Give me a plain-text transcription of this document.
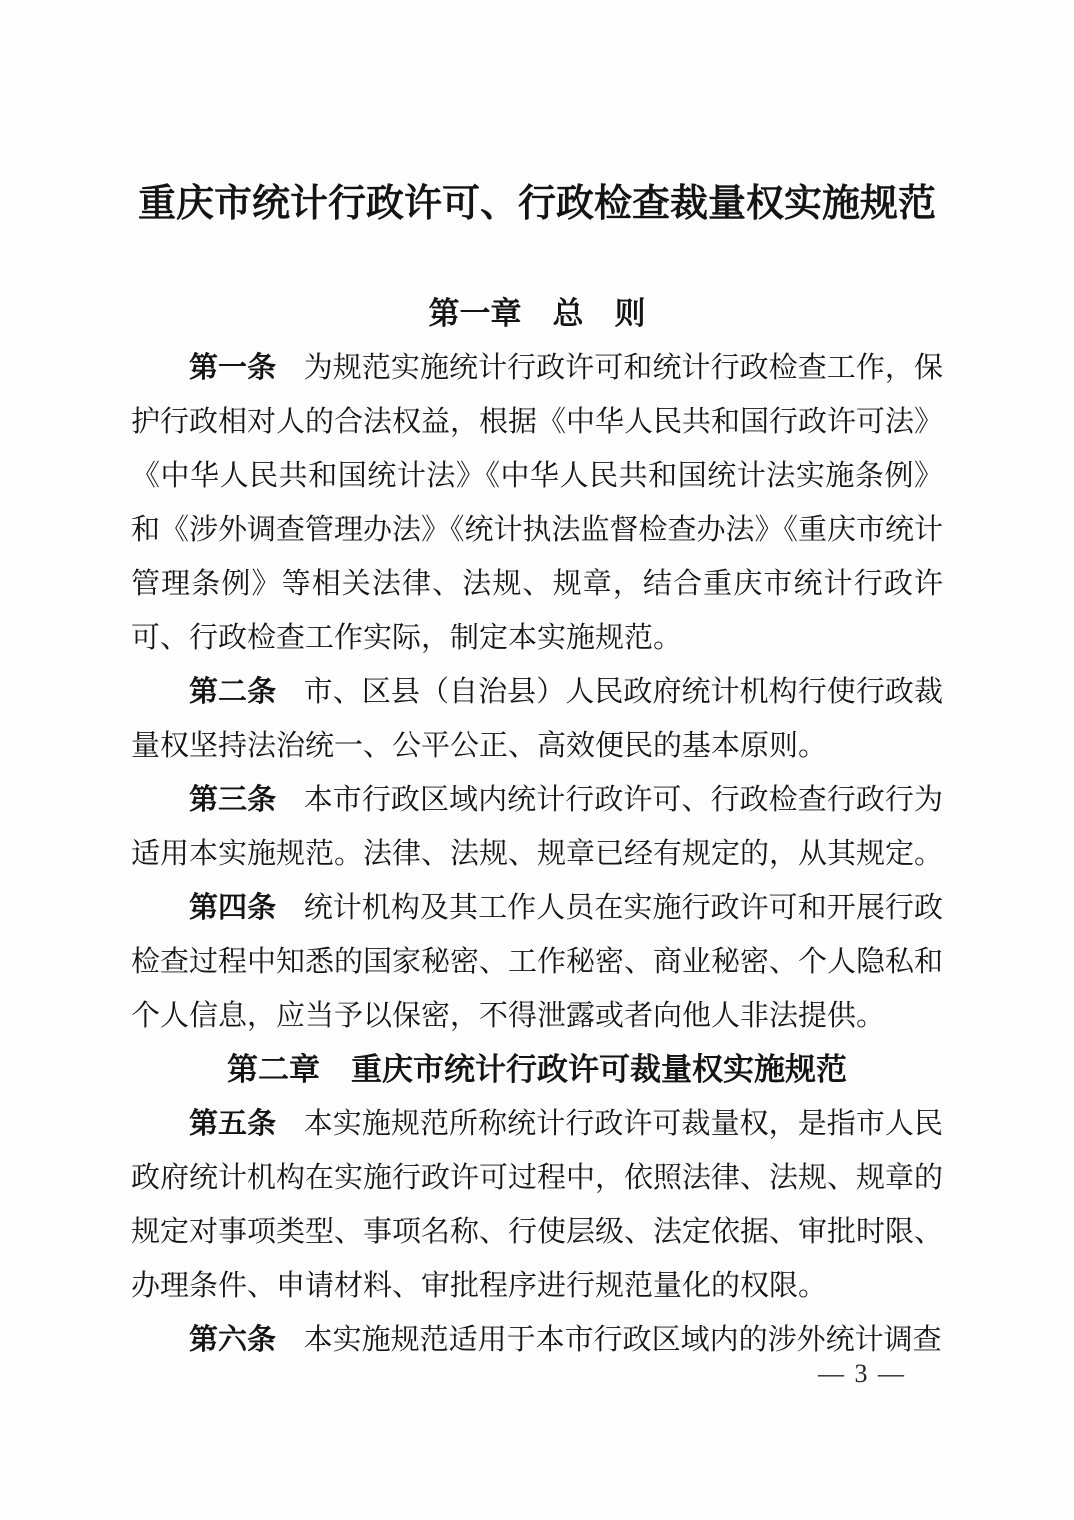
重庆市统计行政许可、行政检查裁量权实施规范
第一章　总　则

第一条 为规范实施统计行政许可和统计行政检查工作，保护行政相对人的合法权益，根据《中华人民共和国行政许可法》《中华人民共和国统计法》《中华人民共和国统计法实施条例》和《涉外调查管理办法》《统计执法监督检查办法》《重庆市统计管理条例》等相关法律、法规、规章，结合重庆市统计行政许可、行政检查工作实际，制定本实施规范。

第二条 市、区县（自治县）人民政府统计机构行使行政裁量权坚持法治统一、公平公正、高效便民的基本原则。

第三条 本市行政区域内统计行政许可、行政检查行政行为适用本实施规范。法律、法规、规章已经有规定的，从其规定。

第四条 统计机构及其工作人员在实施行政许可和开展行政检查过程中知悉的国家秘密、工作秘密、商业秘密、个人隐私和个人信息，应当予以保密，不得泄露或者向他人非法提供。

第二章　重庆市统计行政许可裁量权实施规范

第五条 本实施规范所称统计行政许可裁量权，是指市人民政府统计机构在实施行政许可过程中，依照法律、法规、规章的规定对事项类型、事项名称、行使层级、法定依据、审批时限、办理条件、申请材料、审批程序进行规范量化的权限。

第六条 本实施规范适用于本市行政区域内的涉外统计调查

— 3 —
